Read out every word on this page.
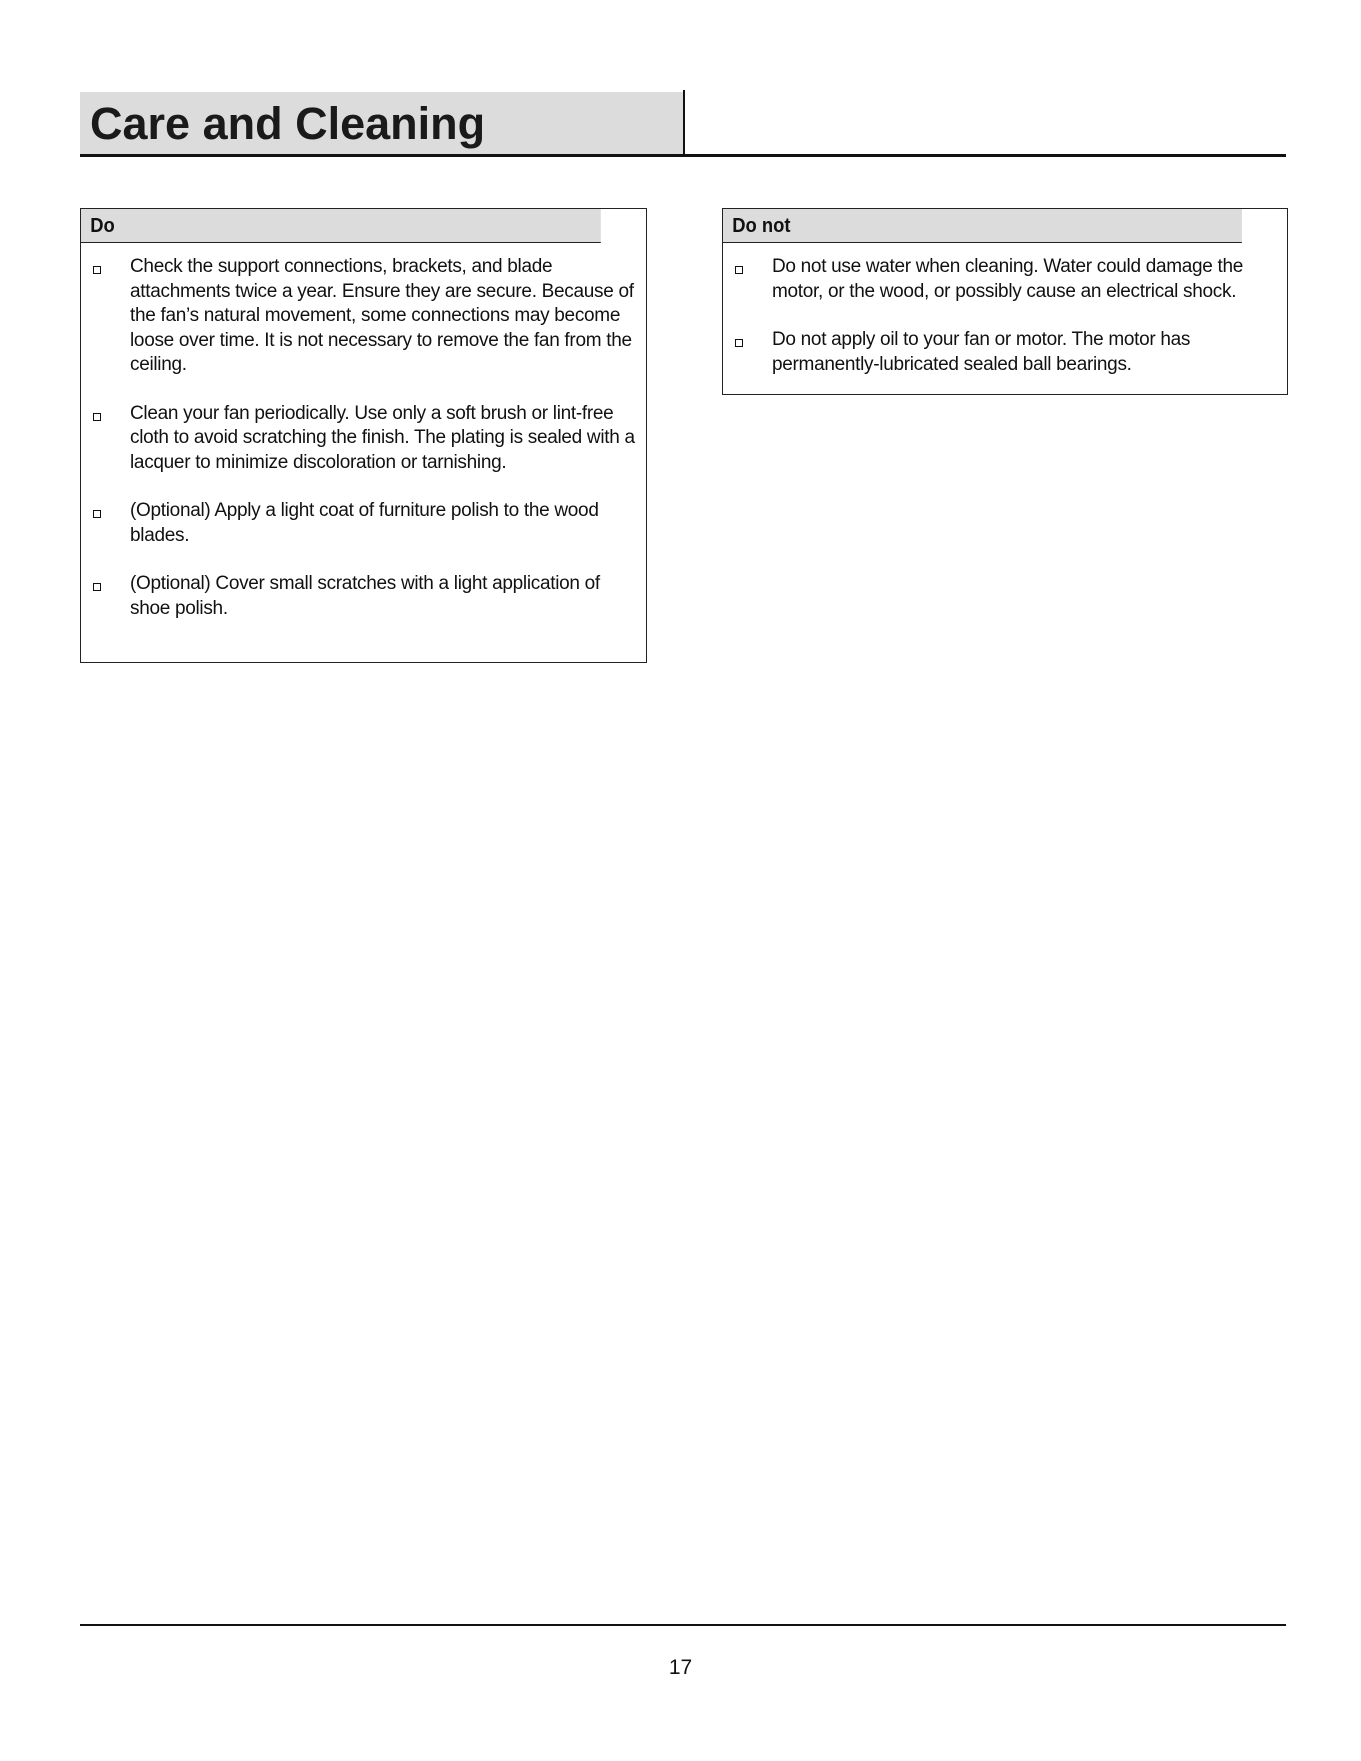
Care and Cleaning
Do
Check the support connections, brackets, and blade attachments twice a year. Ensure they are secure. Because of the fan’s natural movement, some connections may become loose over time. It is not necessary to remove the fan from the ceiling.
Clean your fan periodically. Use only a soft brush or lint-free cloth to avoid scratching the finish. The plating is sealed with a lacquer to minimize discoloration or tarnishing.
(Optional) Apply a light coat of furniture polish to the wood blades.
(Optional) Cover small scratches with a light application of shoe polish.
Do not
Do not use water when cleaning. Water could damage the motor, or the wood, or possibly cause an electrical shock.
Do not apply oil to your fan or motor. The motor has permanently-lubricated sealed ball bearings.
17
